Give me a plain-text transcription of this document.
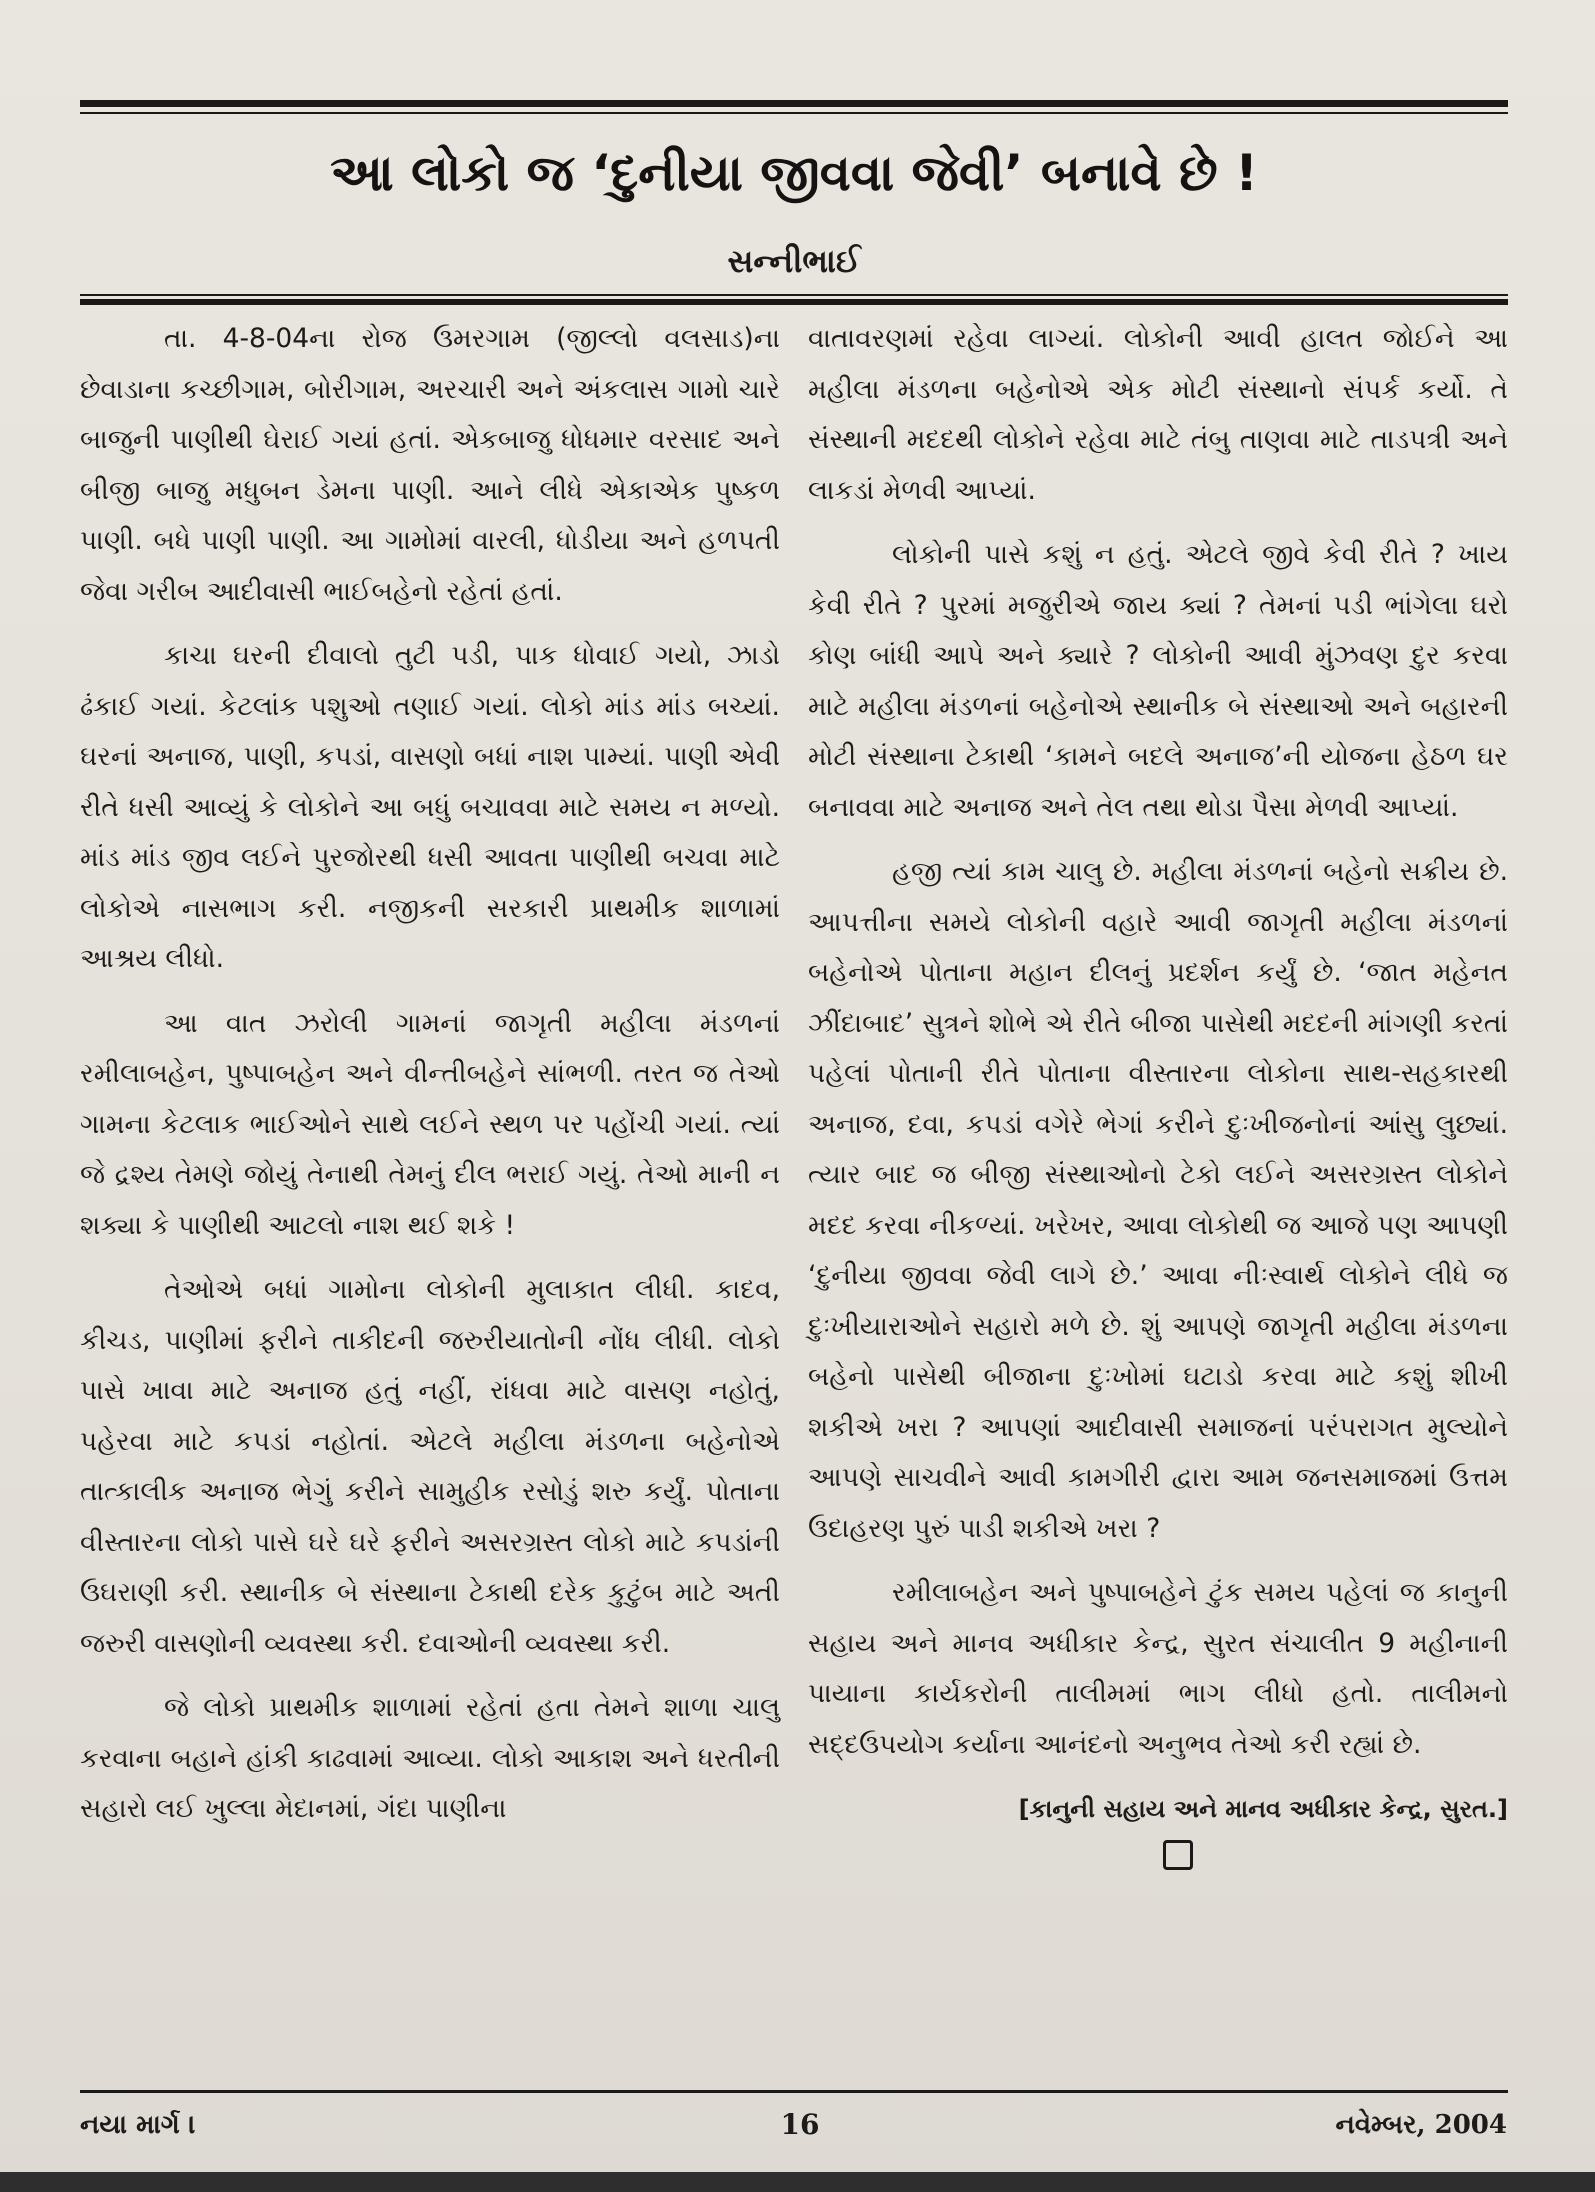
આ લોકો જ ‘દુનીયા જીવવા જેવી’ બનાવે છે !
સન્નીભાઈ

તા. 4-8-04ના રોજ ઉમરગામ (જીલ્લો વલસાડ)ના છેવાડાના કચ્છીગામ, બોરીગામ, અરચારી અને અંકલાસ ગામો ચારે બાજુની પાણીથી ઘેરાઈ ગયાં હતાં. એકબાજુ ધોધમાર વરસાદ અને બીજી બાજુ મધુબન ડેમના પાણી. આને લીધે એકાએક પુષ્કળ પાણી. બધે પાણી પાણી. આ ગામોમાં વારલી, ધોડીયા અને હળપતી જેવા ગરીબ આદીવાસી ભાઈબહેનો રહેતાં હતાં.

કાચા ઘરની દીવાલો તુટી પડી, પાક ધોવાઈ ગયો, ઝાડો ઢંકાઈ ગયાં. કેટલાંક પશુઓ તણાઈ ગયાં. લોકો માંડ માંડ બચ્યાં. ઘરનાં અનાજ, પાણી, કપડાં, વાસણો બધાં નાશ પામ્યાં. પાણી એવી રીતે ધસી આવ્યું કે લોકોને આ બધું બચાવવા માટે સમય ન મળ્યો. માંડ માંડ જીવ લઈને પુરજોરથી ધસી આવતા પાણીથી બચવા માટે લોકોએ નાસભાગ કરી. નજીકની સરકારી પ્રાથમીક શાળામાં આશ્રય લીધો.

આ વાત ઝરોલી ગામનાં જાગૃતી મહીલા મંડળનાં રમીલાબહેન, પુષ્પાબહેન અને વીન્તીબહેને સાંભળી. તરત જ તેઓ ગામના કેટલાક ભાઈઓને સાથે લઈને સ્થળ પર પહોંચી ગયાં. ત્યાં જે દ્રશ્ય તેમણે જોયું તેનાથી તેમનું દીલ ભરાઈ ગયું. તેઓ માની ન શક્યા કે પાણીથી આટલો નાશ થઈ શકે !

તેઓએ બધાં ગામોના લોકોની મુલાકાત લીધી. કાદવ, કીચડ, પાણીમાં ફરીને તાકીદની જરુરીયાતોની નોંધ લીધી. લોકો પાસે ખાવા માટે અનાજ હતું નહીં, રાંધવા માટે વાસણ નહોતું, પહેરવા માટે કપડાં નહોતાં. એટલે મહીલા મંડળના બહેનોએ તાત્કાલીક અનાજ ભેગું કરીને સામુહીક રસોડું શરુ કર્યું. પોતાના વીસ્તારના લોકો પાસે ઘરે ઘરે ફરીને અસરગ્રસ્ત લોકો માટે કપડાંની ઉઘરાણી કરી. સ્થાનીક બે સંસ્થાના ટેકાથી દરેક કુટુંબ માટે અતી જરુરી વાસણોની વ્યવસ્થા કરી. દવાઓની વ્યવસ્થા કરી.

જે લોકો પ્રાથમીક શાળામાં રહેતાં હતા તેમને શાળા ચાલુ કરવાના બહાને હાંકી કાઢવામાં આવ્યા. લોકો આકાશ અને ધરતીની સહારો લઈ ખુલ્લા મેદાનમાં, ગંદા પાણીના

વાતાવરણમાં રહેવા લાગ્યાં. લોકોની આવી હાલત જોઈને આ મહીલા મંડળના બહેનોએ એક મોટી સંસ્થાનો સંપર્ક કર્યો. તે સંસ્થાની મદદથી લોકોને રહેવા માટે તંબુ તાણવા માટે તાડપત્રી અને લાકડાં મેળવી આપ્યાં.

લોકોની પાસે કશું ન હતું. એટલે જીવે કેવી રીતે ? ખાય કેવી રીતે ? પુરમાં મજુરીએ જાય ક્યાં ? તેમનાં પડી ભાંગેલા ઘરો કોણ બાંધી આપે અને ક્યારે ? લોકોની આવી મુંઝવણ દુર કરવા માટે મહીલા મંડળનાં બહેનોએ સ્થાનીક બે સંસ્થાઓ અને બહારની મોટી સંસ્થાના ટેકાથી ‘કામને બદલે અનાજ’ની યોજના હેઠળ ઘર બનાવવા માટે અનાજ અને તેલ તથા થોડા પૈસા મેળવી આપ્યાં.

હજી ત્યાં કામ ચાલુ છે. મહીલા મંડળનાં બહેનો સક્રીય છે. આપત્તીના સમયે લોકોની વહારે આવી જાગૃતી મહીલા મંડળનાં બહેનોએ પોતાના મહાન દીલનું પ્રદર્શન કર્યું છે. ‘જાત મહેનત ઝીંદાબાદ’ સુત્રને શોભે એ રીતે બીજા પાસેથી મદદની માંગણી કરતાં પહેલાં પોતાની રીતે પોતાના વીસ્તારના લોકોના સાથ-સહકારથી અનાજ, દવા, કપડાં વગેરે ભેગાં કરીને દુઃખીજનોનાં આંસુ લુછ્યાં. ત્યાર બાદ જ બીજી સંસ્થાઓનો ટેકો લઈને અસરગ્રસ્ત લોકોને મદદ કરવા નીકળ્યાં. ખરેખર, આવા લોકોથી જ આજે પણ આપણી ‘દુનીયા જીવવા જેવી લાગે છે.’ આવા નીઃસ્વાર્થ લોકોને લીધે જ દુઃખીયારાઓને સહારો મળે છે. શું આપણે જાગૃતી મહીલા મંડળના બહેનો પાસેથી બીજાના દુઃખોમાં ઘટાડો કરવા માટે કશું શીખી શકીએ ખરા ? આપણાં આદીવાસી સમાજનાં પરંપરાગત મુલ્યોને આપણે સાચવીને આવી કામગીરી દ્વારા આમ જનસમાજમાં ઉત્તમ ઉદાહરણ પુરું પાડી શકીએ ખરા ?

રમીલાબહેન અને પુષ્પાબહેને ટુંક સમય પહેલાં જ કાનુની સહાય અને માનવ અધીકાર કેન્દ્ર, સુરત સંચાલીત 9 મહીનાની પાયાના કાર્યકરોની તાલીમમાં ભાગ લીધો હતો. તાલીમનો સદ્દઉપયોગ કર્યાના આનંદનો અનુભવ તેઓ કરી રહ્યાં છે.

[કાનુની સહાય અને માનવ અધીકાર કેન્દ્ર, સુરત.]
નયા માર્ગ ।	16	નવેમ્બર, 2004
